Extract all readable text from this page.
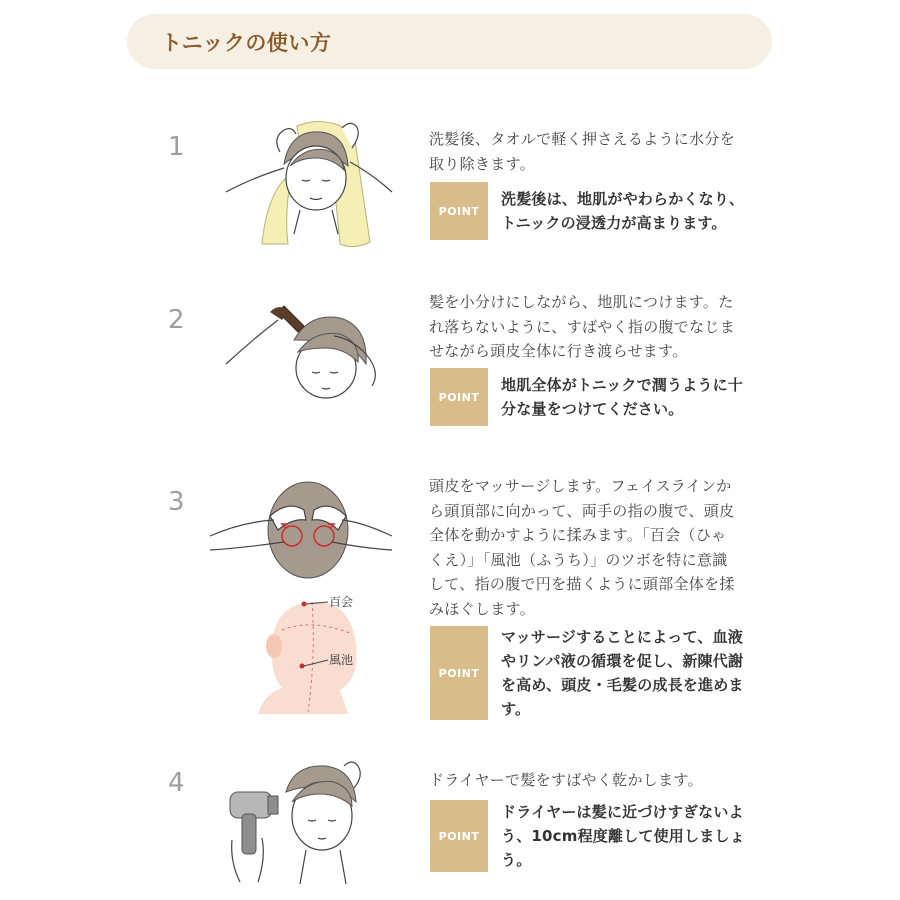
トニックの使い方
1	洗髪後、タオルで軽く押さえるように水分を取り除きます。
POINT
洗髪後は、地肌がやわらかくなり、トニックの浸透力が高まります。
2
髪を小分けにしながら、地肌につけます。たれ落ちないように、すばやく指の腹でなじませながら頭皮全体に行き渡らせます。
POINT
地肌全体がトニックで潤うように十分な量をつけてください。
3
百会
風池
頭皮をマッサージします。フェイスラインから頭頂部に向かって、両手の指の腹で、頭皮全体を動かすように揉みます。「百会（ひゃくえ）」「風池（ふうち）」のツボを特に意識して、指の腹で円を描くように頭部全体を揉みほぐします。
POINT
マッサージすることによって、血液やリンパ液の循環を促し、新陳代謝を高め、頭皮・毛髪の成長を進めます。
4	ドライヤーで髪をすばやく乾かします。
POINT
ドライヤーは髪に近づけすぎないよう、10cm程度離して使用しましょう。
